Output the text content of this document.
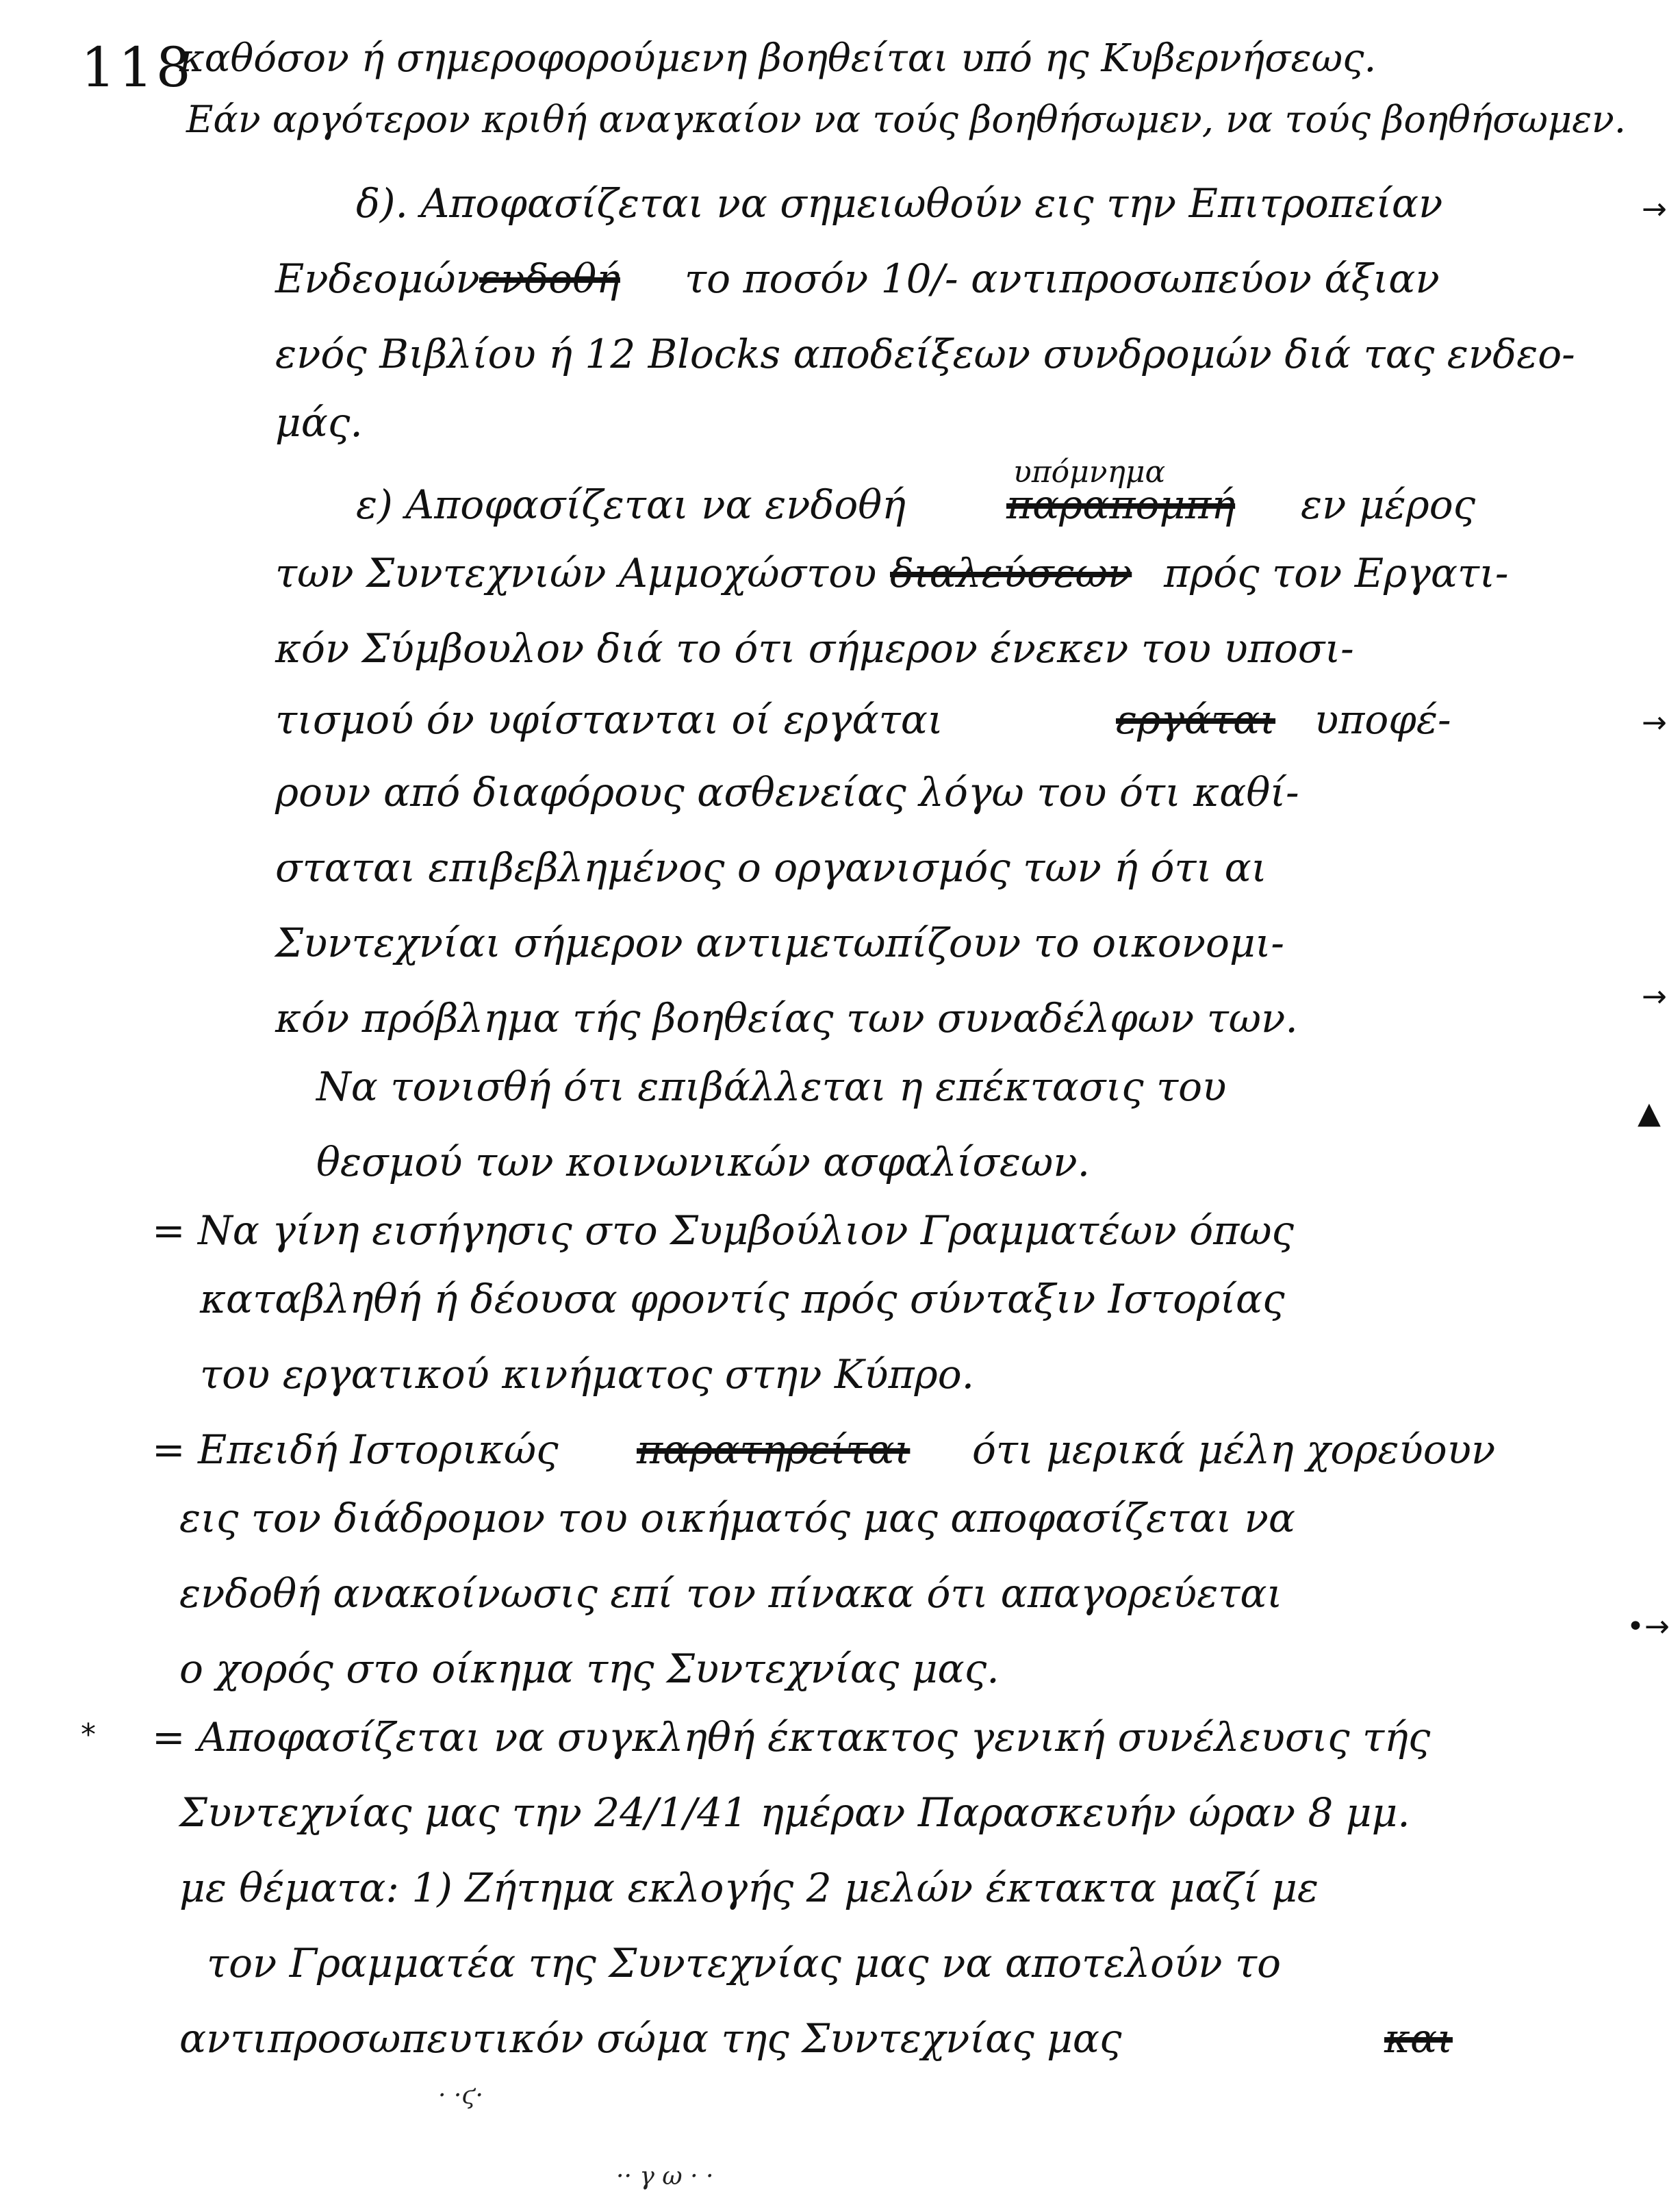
118
καθόσον ή σημερoφορούμενη βοηθείται υπό ης Κυβερνήσεως.
Εάν αργότερον κριθή αναγκαίον να τούς βοηθήσωμεν, να τούς βοηθήσωμεν.
δ). Αποφασίζεται να σημειωθούν εις την Επιτροπείαν
Ενδεομών ενδοθή το ποσόν 10/- αντιπροσωπεύον άξιαν
ενός Βιβλίου ή 12 Blocks αποδείξεων συνδρομών διά τας ενδεο-
μάς.
υπόμνημα
ε) Αποφασίζεται να ενδοθή	παραπομπή εν μέρος
των Συντεχνιών Αμμοχώστου διαλεύσεων πρός τον Εργατι-
κόν Σύμβουλον διά το ότι σήμερον ένεκεν του υποσι-
τισμού όν υφίστανται οί εργάται	εργάται υποφέ-
ρουν από διαφόρους ασθενείας λόγω του ότι καθί-
σταται επιβεβλημένος ο οργανισμός των ή ότι αι
Συντεχνίαι σήμερον αντιμετωπίζουν το οικονομι-
κόν πρόβλημα τής βοηθείας των συναδέλφων των.
Να τονισθή ότι επιβάλλεται η επέκτασις του
θεσμού των κοινωνικών ασφαλίσεων.
= Να γίνη εισήγησις στο Συμβούλιον Γραμματέων όπως
καταβληθή ή δέουσα φροντίς πρός σύνταξιν Ιστορίας
του εργατικού κινήματος στην Κύπρο.
= Επειδή Ιστορικώς παρατηρείται ότι μερικά μέλη χορεύουν
εις τον διάδρομον του οικήματός μας αποφασίζεται να
ενδοθή ανακοίνωσις επί τον πίνακα ότι απαγορεύεται
ο χορός στο οίκημα της Συντεχνίας μας.
= Αποφασίζεται να συγκληθή έκτακτος γενική συνέλευσις τής
Συντεχνίας μας την 24/1/41 ημέραν Παρασκευήν ώραν 8 μμ.
με θέματα: 1) Ζήτημα εκλογής 2 μελών έκτακτα μαζί με
τον Γραμματέα της Συντεχνίας μας να αποτελούν το
αντιπροσωπευτικόν σώμα της Συντεχνίας μας	και
→
→
→
▲
•→
*
· ·ϛ·
·· γ ω · ·
